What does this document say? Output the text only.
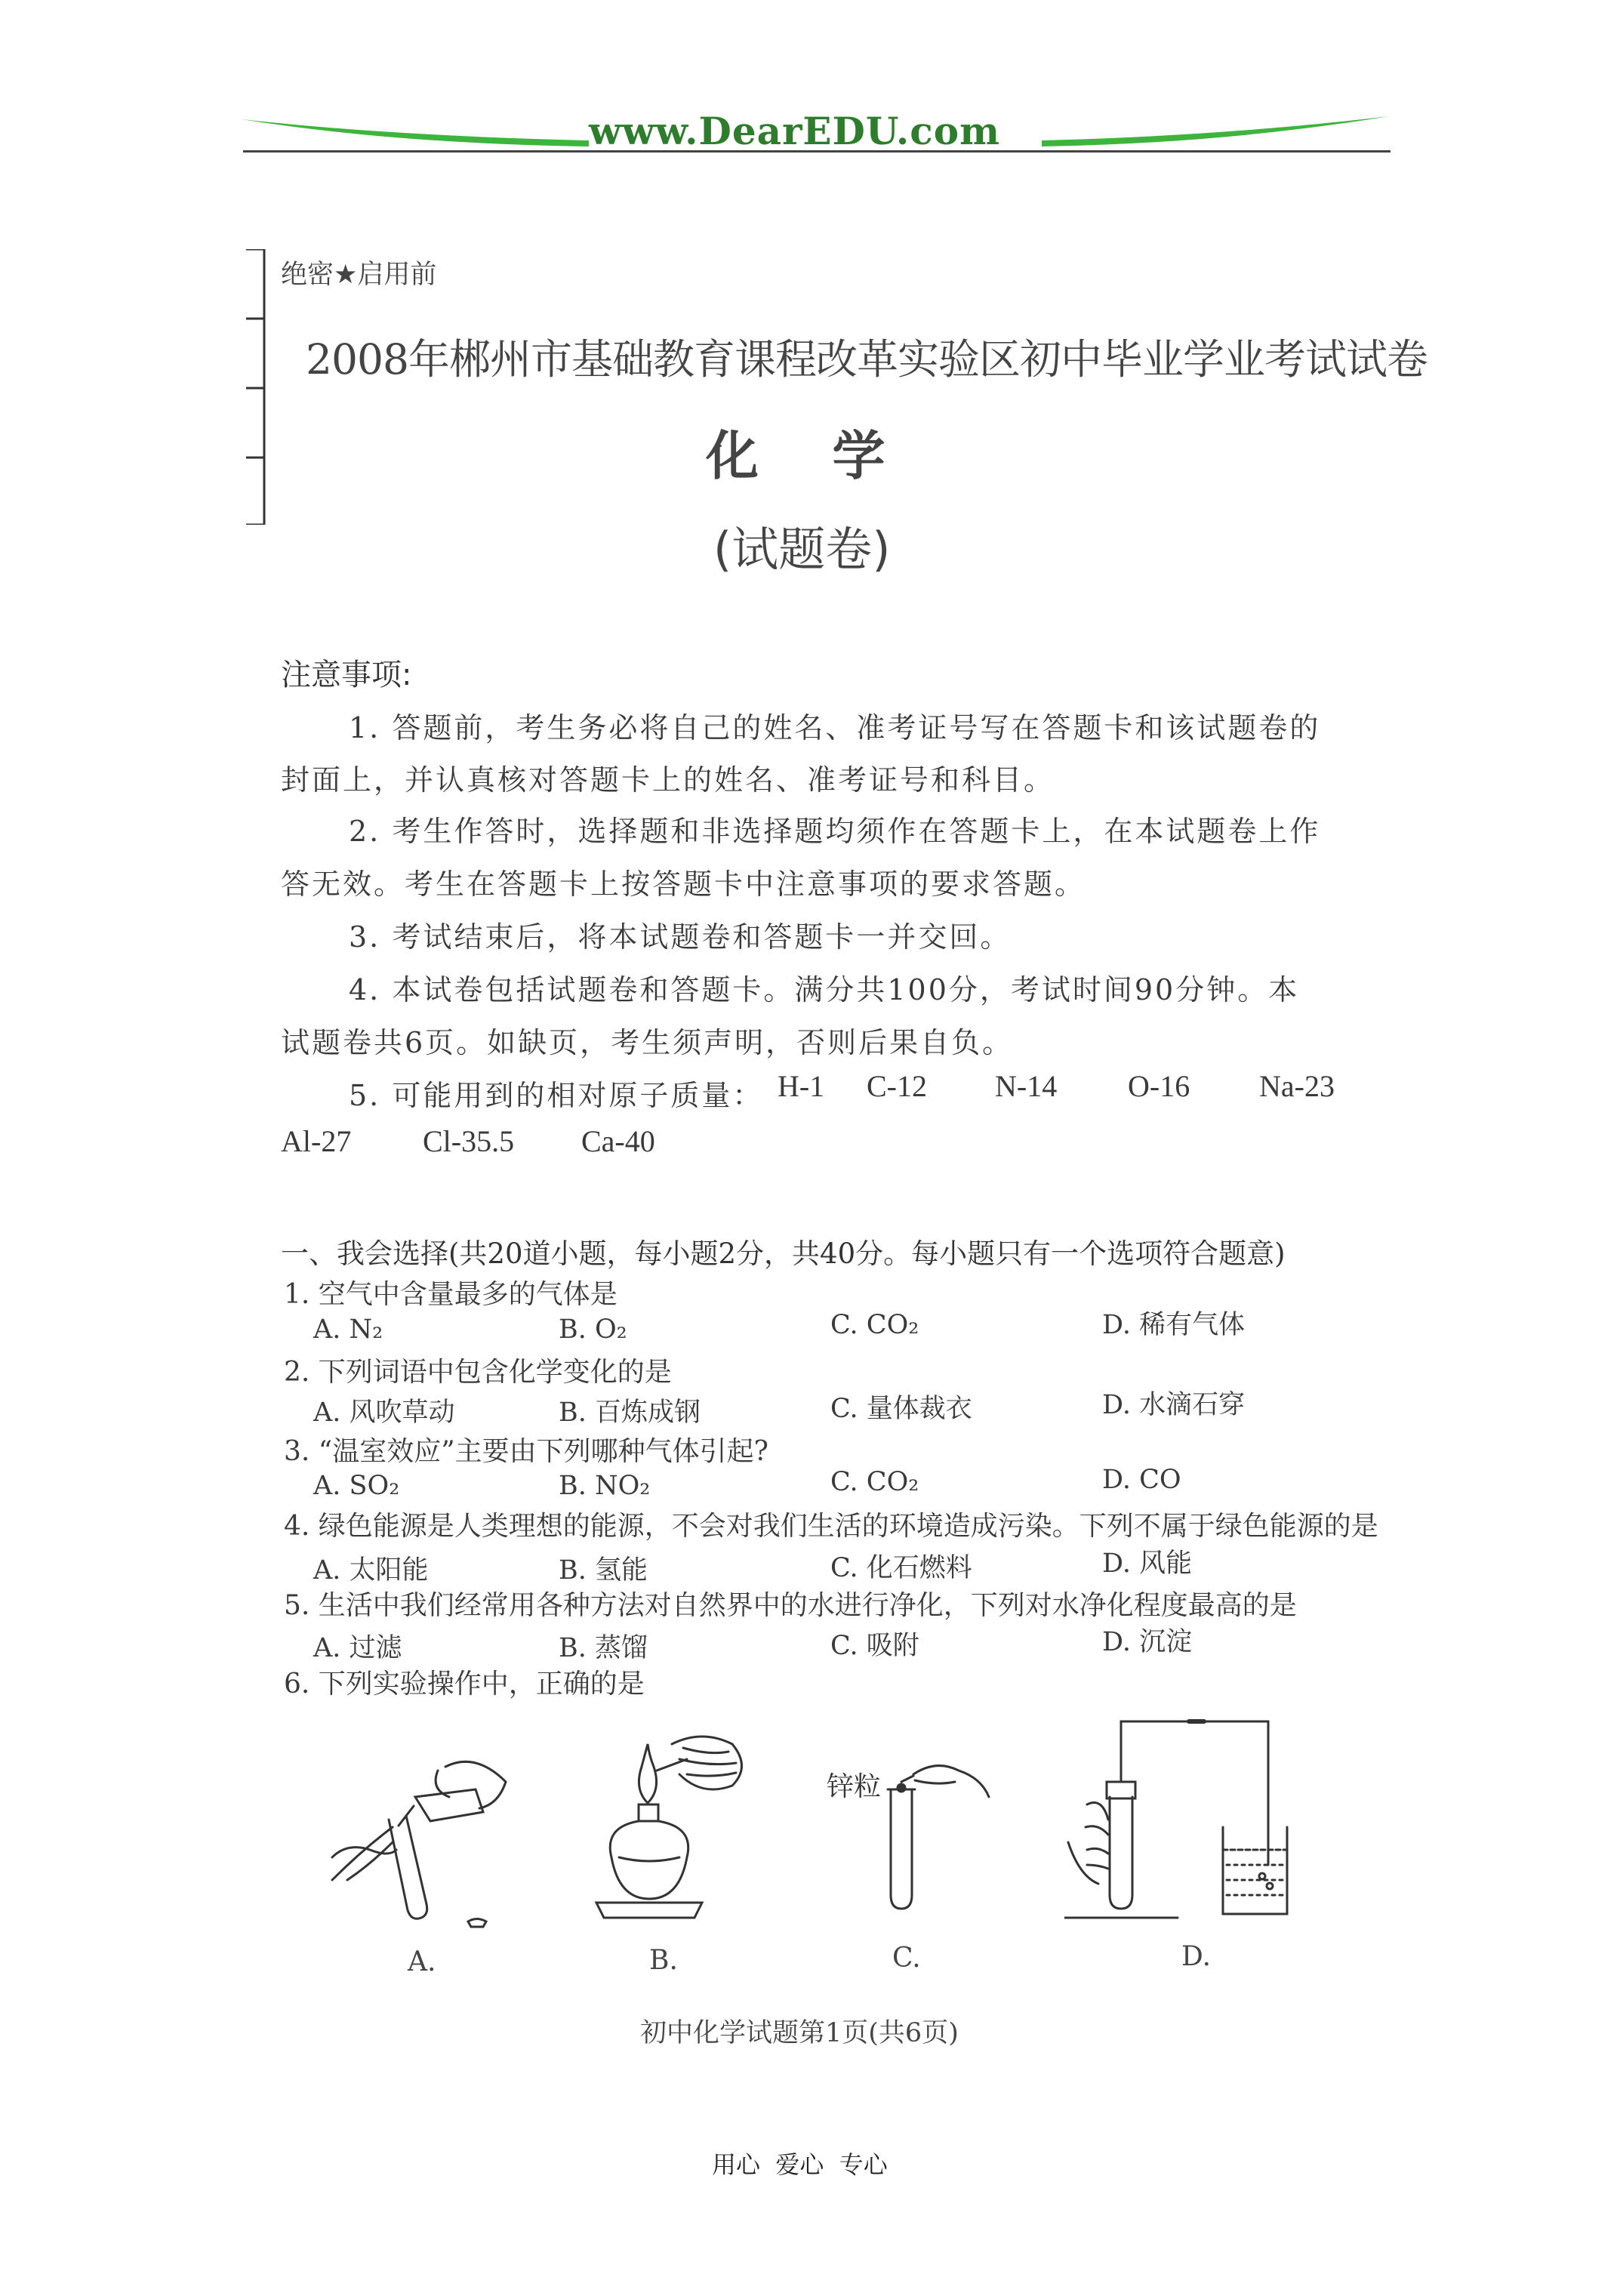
www.DearEDU.com
绝密★启用前
2008年郴州市基础教育课程改革实验区初中毕业学业考试试卷
化    学
(试题卷)
注意事项:
1. 答题前，考生务必将自己的姓名、准考证号写在答题卡和该试题卷的
封面上，并认真核对答题卡上的姓名、准考证号和科目。
2. 考生作答时，选择题和非选择题均须作在答题卡上，在本试题卷上作
答无效。考生在答题卡上按答题卡中注意事项的要求答题。
3. 考试结束后，将本试题卷和答题卡一并交回。
4. 本试卷包括试题卷和答题卡。满分共100分，考试时间90分钟。本
试题卷共6页。如缺页，考生须声明，否则后果自负。
5. 可能用到的相对原子质量： H-1 C-12 N-14 O-16 Na-23
Al-27 Cl-35.5 Ca-40
一、我会选择(共20道小题，每小题2分，共40分。每小题只有一个选项符合题意)
1. 空气中含量最多的气体是
A. N₂	B. O₂	C. CO₂	D. 稀有气体
2. 下列词语中包含化学变化的是
A. 风吹草动	B. 百炼成钢	C. 量体裁衣	D. 水滴石穿
3. “温室效应”主要由下列哪种气体引起?
A. SO₂	B. NO₂	C. CO₂	D. CO
4. 绿色能源是人类理想的能源，不会对我们生活的环境造成污染。下列不属于绿色能源的是
A. 太阳能	B. 氢能	C. 化石燃料	D. 风能
5. 生活中我们经常用各种方法对自然界中的水进行净化，下列对水净化程度最高的是
A. 过滤	B. 蒸馏	C. 吸附	D. 沉淀
6. 下列实验操作中，正确的是
A.	B.
锌粒
C.	D.
初中化学试题第1页(共6页)
用心  爱心  专心
